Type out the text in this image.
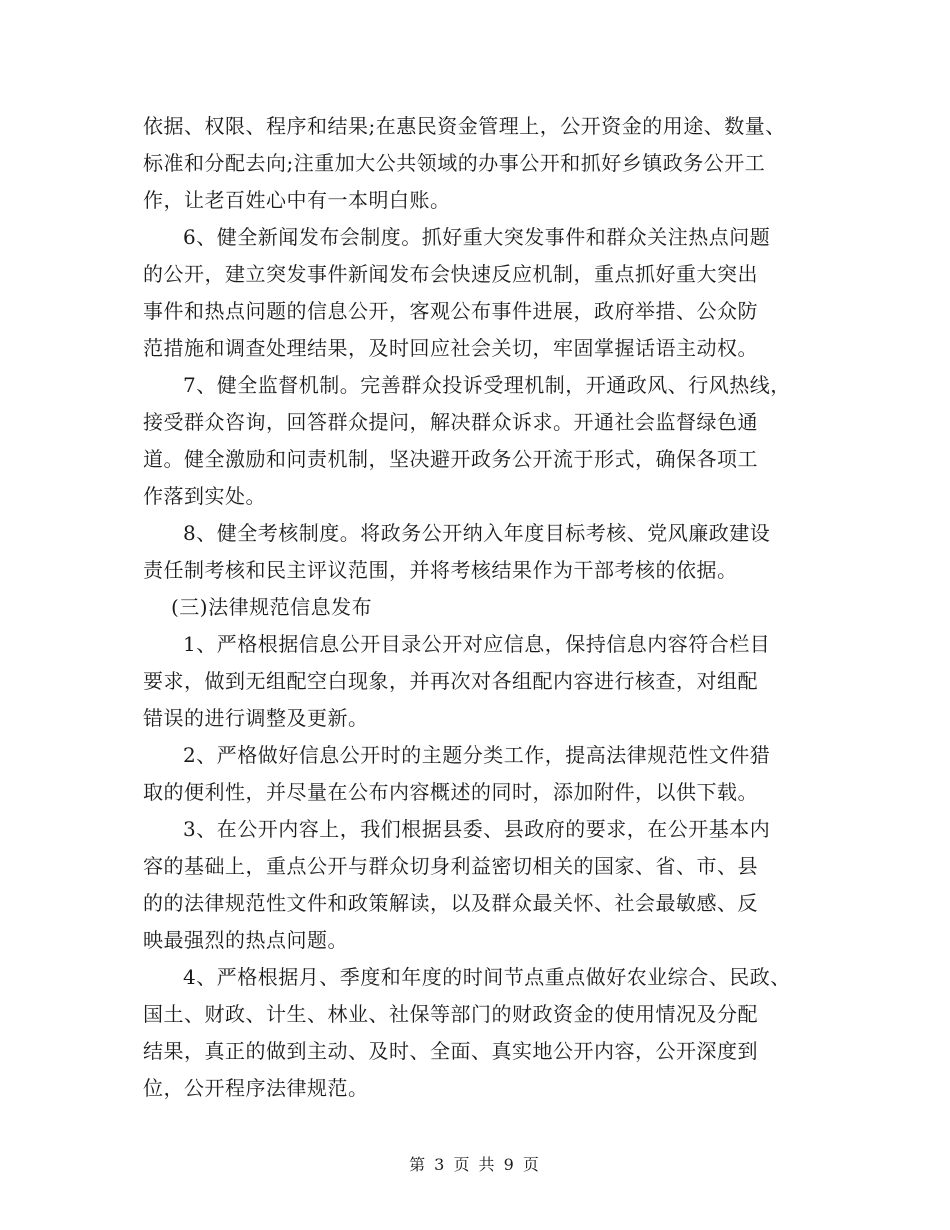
依据、权限、程序和结果;在惠民资金管理上，公开资金的用途、数量、
标准和分配去向;注重加大公共领域的办事公开和抓好乡镇政务公开工
作，让老百姓心中有一本明白账。
6、健全新闻发布会制度。抓好重大突发事件和群众关注热点问题
的公开，建立突发事件新闻发布会快速反应机制，重点抓好重大突出
事件和热点问题的信息公开，客观公布事件进展，政府举措、公众防
范措施和调查处理结果，及时回应社会关切，牢固掌握话语主动权。
7、健全监督机制。完善群众投诉受理机制，开通政风、行风热线，
接受群众咨询，回答群众提问，解决群众诉求。开通社会监督绿色通
道。健全激励和问责机制，坚决避开政务公开流于形式，确保各项工
作落到实处。
8、健全考核制度。将政务公开纳入年度目标考核、党风廉政建设
责任制考核和民主评议范围，并将考核结果作为干部考核的依据。
(三)法律规范信息发布
1、严格根据信息公开目录公开对应信息，保持信息内容符合栏目
要求，做到无组配空白现象，并再次对各组配内容进行核查，对组配
错误的进行调整及更新。
2、严格做好信息公开时的主题分类工作，提高法律规范性文件猎
取的便利性，并尽量在公布内容概述的同时，添加附件，以供下载。
3、在公开内容上，我们根据县委、县政府的要求，在公开基本内
容的基础上，重点公开与群众切身利益密切相关的国家、省、市、县
的的法律规范性文件和政策解读，以及群众最关怀、社会最敏感、反
映最强烈的热点问题。
4、严格根据月、季度和年度的时间节点重点做好农业综合、民政、
国土、财政、计生、林业、社保等部门的财政资金的使用情况及分配
结果，真正的做到主动、及时、全面、真实地公开内容，公开深度到
位，公开程序法律规范。
第 3 页 共 9 页
